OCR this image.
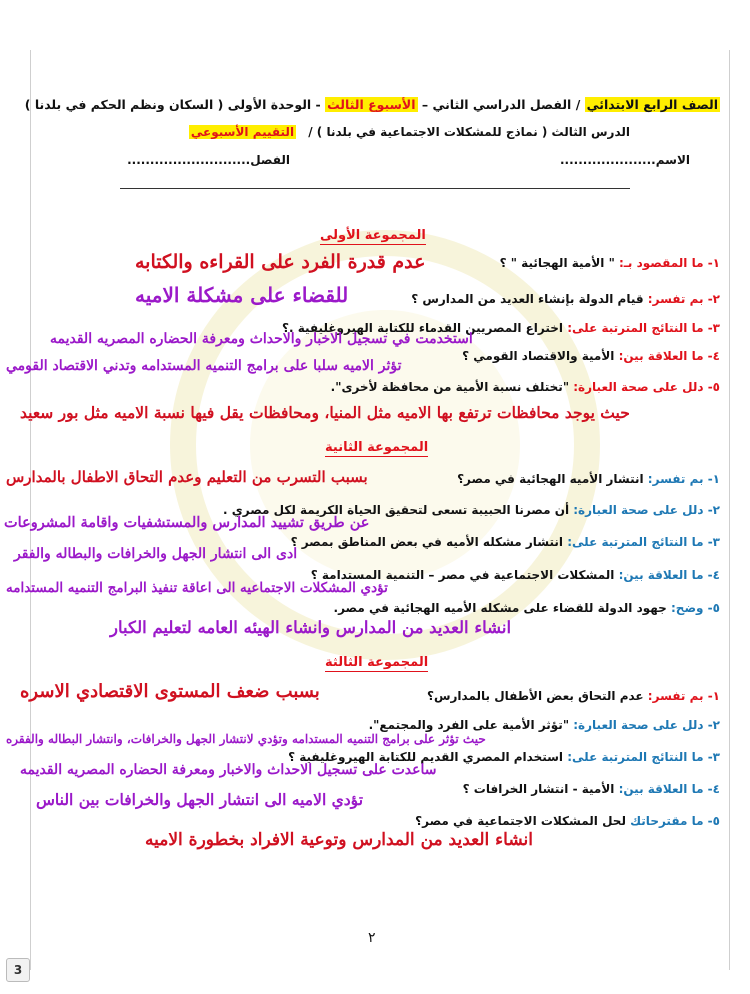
الصف الرابع الابتدائي / الفصل الدراسي الثاني – الأسبوع الثالث - الوحدة الأولى ( السكان ونظم الحكم في بلدنا )
الدرس الثالث ( نماذج للمشكلات الاجتماعية في بلدنا ) / التقييم الأسبوعي
الاسم.....................
الفصل...........................
المجموعة الأولى
١- ما المقصود بـ: " الأمية الهجائية " ؟
عدم قدرة الفرد على القراءه والكتابه
٢- بم تفسر: قيام الدولة بإنشاء العديد من المدارس ؟
للقضاء على مشكلة الاميه
٣- ما النتائج المترتبة على: اختراع المصريين القدماء للكتابة الهيروغليفية .؟
استخدمت في تسجيل الاخبار والاحداث ومعرفة الحضاره المصريه القديمه
٤- ما العلاقة بين: الأمية والاقتصاد القومي ؟
تؤثر الاميه سلبا على برامج التنميه المستدامه وتدني الاقتصاد القومي
٥- دلل على صحة العبارة: "تختلف نسبة الأمية من محافظة لأخرى".
حيث يوجد محافظات ترتفع بها الاميه مثل المنيا، ومحافظات يقل فيها نسبة الاميه مثل بور سعيد
المجموعة الثانية
١- بم تفسر: انتشار الأميه الهجائية في مصر؟
بسبب التسرب من التعليم وعدم التحاق الاطفال بالمدارس
٢- دلل على صحة العبارة: أن مصرنا الحبيبة تسعى لتحقيق الحياة الكريمة لكل مصري .
عن طريق تشييد المدارس والمستشفيات واقامة المشروعات
٣- ما النتائج المترتبة على: انتشار مشكله الأميه في بعض المناطق بمصر ؟
ادى الى انتشار الجهل والخرافات والبطاله والفقر
٤- ما العلاقة بين: المشكلات الاجتماعية في مصر – التنمية المستدامة ؟
تؤدي المشكلات الاجتماعيه الى اعاقة تنفيذ البرامج التنميه المستدامه
٥- وضح: جهود الدولة للقضاء على مشكله الأميه الهجائية في مصر.
انشاء العديد من المدارس وانشاء الهيئه العامه لتعليم الكبار
المجموعة الثالثة
١- بم تفسر: عدم التحاق بعض الأطفال بالمدارس؟
بسبب ضعف المستوى الاقتصادي الاسره
٢- دلل على صحة العبارة: "تؤثر الأمية على الفرد والمجتمع".
حيث تؤثر على برامج التنميه المستدامه وتؤدي لانتشار الجهل والخرافات، وانتشار البطاله والفقره
٣- ما النتائج المترتبة على: استخدام المصري القديم للكتابة الهيروغليفية ؟
ساعدت على تسجيل الاحداث والاخبار ومعرفة الحضاره المصريه القديمه
٤- ما العلاقة بين: الأمية - انتشار الخرافات ؟
تؤدي الاميه الى انتشار الجهل والخرافات بين الناس
٥- ما مقترحاتك لحل المشكلات الاجتماعية في مصر؟
انشاء العديد من المدارس وتوعية الافراد بخطورة الاميه
٢
3
